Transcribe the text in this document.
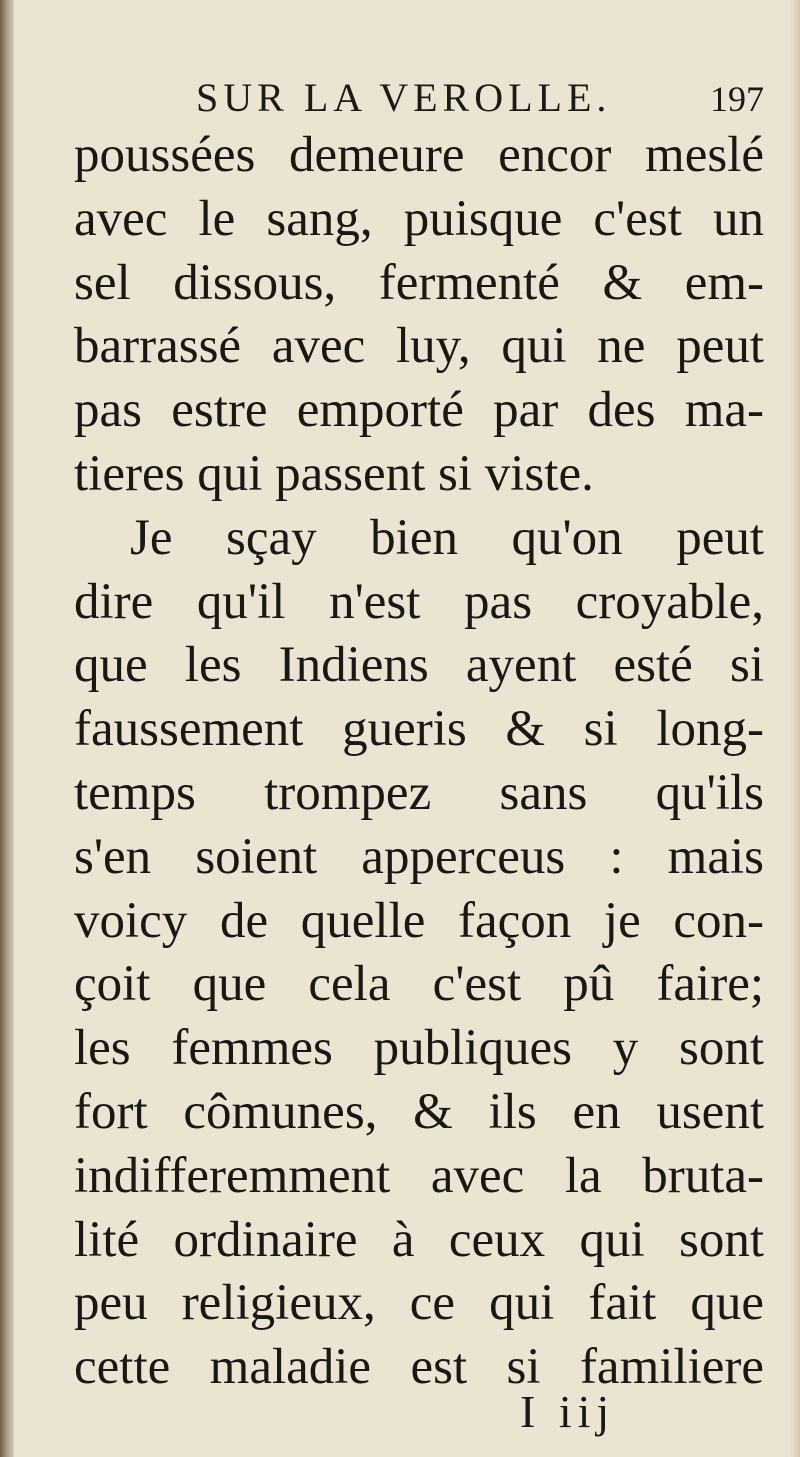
SUR LA VEROLLE.	197
poussées demeure encor meslé
avec le sang, puisque c'est un
sel dissous, fermenté & em-
barrassé avec luy, qui ne peut
pas estre emporté par des ma-
tieres qui passent si viste.
Je sçay bien qu'on peut
dire qu'il n'est pas croyable,
que les Indiens ayent esté si
faussement gueris & si long-
temps trompez sans qu'ils
s'en soient apperceus : mais
voicy de quelle façon je con-
çoit que cela c'est pû faire;
les femmes publiques y sont
fort cômunes, & ils en usent
indifferemment avec la bruta-
lité ordinaire à ceux qui sont
peu religieux, ce qui fait que
cette maladie est si familiere
I iij
